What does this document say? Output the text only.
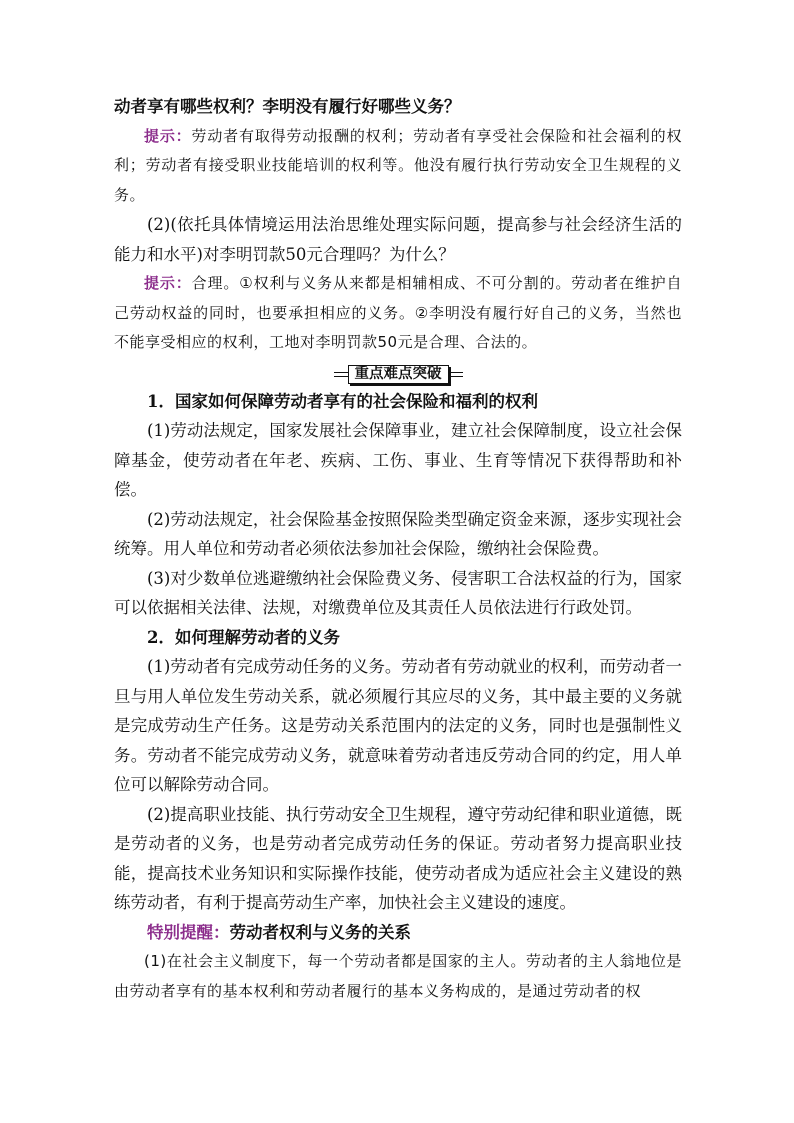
动者享有哪些权利？李明没有履行好哪些义务？

提示：劳动者有取得劳动报酬的权利；劳动者有享受社会保险和社会福利的权利；劳动者有接受职业技能培训的权利等。他没有履行执行劳动安全卫生规程的义务。

(2)(依托具体情境运用法治思维处理实际问题，提高参与社会经济生活的能力和水平)对李明罚款50元合理吗？为什么？

提示：合理。①权利与义务从来都是相辅相成、不可分割的。劳动者在维护自己劳动权益的同时，也要承担相应的义务。②李明没有履行好自己的义务，当然也不能享受相应的权利，工地对李明罚款50元是合理、合法的。

重点难点突破

1．国家如何保障劳动者享有的社会保险和福利的权利

(1)劳动法规定，国家发展社会保障事业，建立社会保障制度，设立社会保障基金，使劳动者在年老、疾病、工伤、事业、生育等情况下获得帮助和补偿。

(2)劳动法规定，社会保险基金按照保险类型确定资金来源，逐步实现社会统筹。用人单位和劳动者必须依法参加社会保险，缴纳社会保险费。

(3)对少数单位逃避缴纳社会保险费义务、侵害职工合法权益的行为，国家可以依据相关法律、法规，对缴费单位及其责任人员依法进行行政处罚。

2．如何理解劳动者的义务

(1)劳动者有完成劳动任务的义务。劳动者有劳动就业的权利，而劳动者一旦与用人单位发生劳动关系，就必须履行其应尽的义务，其中最主要的义务就是完成劳动生产任务。这是劳动关系范围内的法定的义务，同时也是强制性义务。劳动者不能完成劳动义务，就意味着劳动者违反劳动合同的约定，用人单位可以解除劳动合同。

(2)提高职业技能、执行劳动安全卫生规程，遵守劳动纪律和职业道德，既是劳动者的义务，也是劳动者完成劳动任务的保证。劳动者努力提高职业技能，提高技术业务知识和实际操作技能，使劳动者成为适应社会主义建设的熟练劳动者，有利于提高劳动生产率，加快社会主义建设的速度。

特别提醒：劳动者权利与义务的关系

(1)在社会主义制度下，每一个劳动者都是国家的主人。劳动者的主人翁地位是由劳动者享有的基本权利和劳动者履行的基本义务构成的，是通过劳动者的权
